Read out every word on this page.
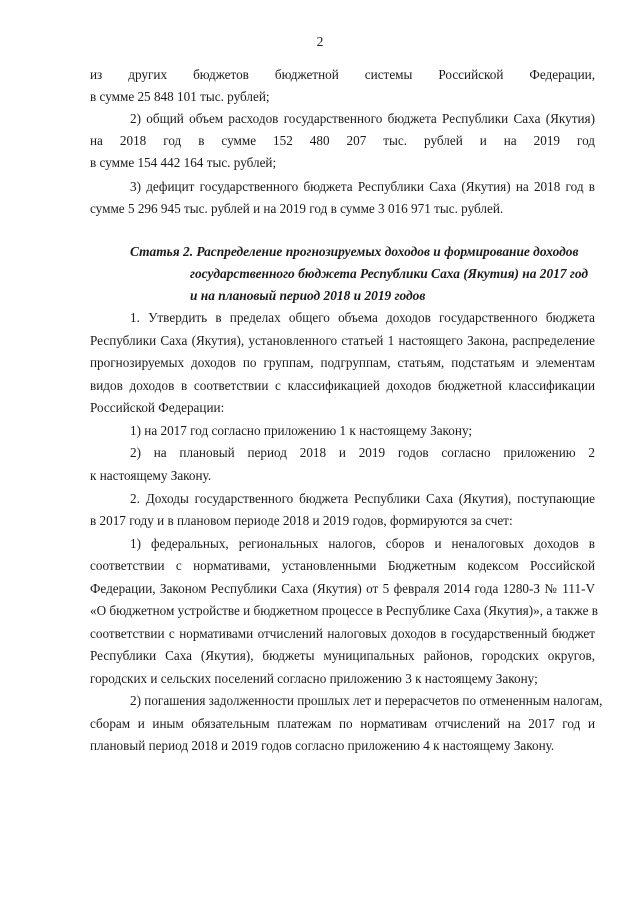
2
из других бюджетов бюджетной системы Российской Федерации,
в сумме 25 848 101 тыс. рублей;
2) общий объем расходов государственного бюджета Республики Саха (Якутия)
на 2018 год в сумме 152 480 207 тыс. рублей и на 2019 год
в сумме 154 442 164 тыс. рублей;
3) дефицит государственного бюджета Республики Саха (Якутия) на 2018 год в
сумме 5 296 945 тыс. рублей и на 2019 год в сумме 3 016 971 тыс. рублей.
Статья 2. Распределение прогнозируемых доходов и формирование доходов
государственного бюджета Республики Саха (Якутия) на 2017 год
и на плановый период 2018 и 2019 годов
1. Утвердить в пределах общего объема доходов государственного бюджета
Республики Саха (Якутия), установленного статьей 1 настоящего Закона, распределение
прогнозируемых доходов по группам, подгруппам, статьям, подстатьям и элементам
видов доходов в соответствии с классификацией доходов бюджетной классификации
Российской Федерации:
1) на 2017 год согласно приложению 1 к настоящему Закону;
2) на плановый период 2018 и 2019 годов согласно приложению 2
к настоящему Закону.
2. Доходы государственного бюджета Республики Саха (Якутия), поступающие
в 2017 году и в плановом периоде 2018 и 2019 годов, формируются за счет:
1) федеральных, региональных налогов, сборов и неналоговых доходов в
соответствии с нормативами, установленными Бюджетным кодексом Российской
Федерации, Законом Республики Саха (Якутия) от 5 февраля 2014 года 1280-З № 111-V
«О бюджетном устройстве и бюджетном процессе в Республике Саха (Якутия)», а также в
соответствии с нормативами отчислений налоговых доходов в государственный бюджет
Республики Саха (Якутия), бюджеты муниципальных районов, городских округов,
городских и сельских поселений согласно приложению 3 к настоящему Закону;
2) погашения задолженности прошлых лет и перерасчетов по отмененным налогам,
сборам и иным обязательным платежам по нормативам отчислений на 2017 год и
плановый период 2018 и 2019 годов согласно приложению 4 к настоящему Закону.
